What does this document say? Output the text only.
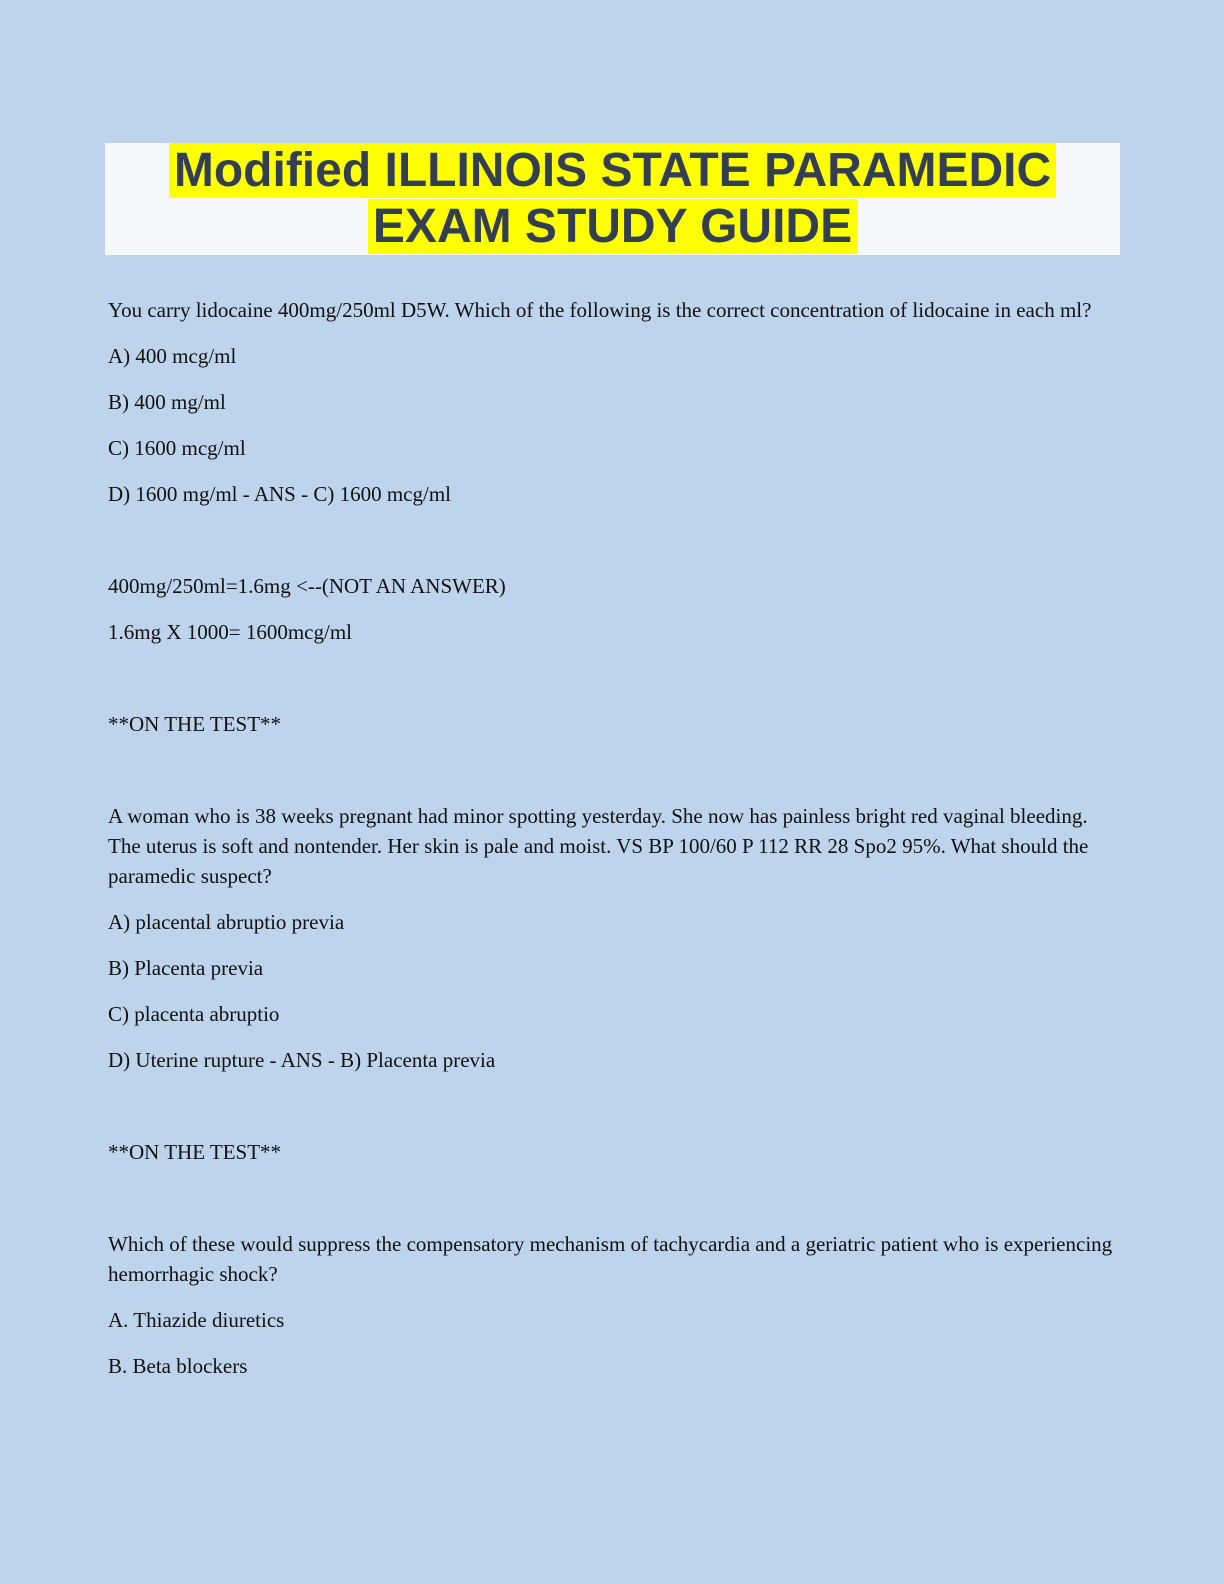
Modified ILLINOIS STATE PARAMEDIC
EXAM STUDY GUIDE

You carry lidocaine 400mg/250ml D5W. Which of the following is the correct concentration of lidocaine in each ml?

A) 400 mcg/ml

B) 400 mg/ml

C) 1600 mcg/ml

D) 1600 mg/ml - ANS - C) 1600 mcg/ml

400mg/250ml=1.6mg <--(NOT AN ANSWER)

1.6mg X 1000= 1600mcg/ml

**ON THE TEST**

A woman who is 38 weeks pregnant had minor spotting yesterday. She now has painless bright red vaginal bleeding. The uterus is soft and nontender. Her skin is pale and moist. VS BP 100/60 P 112 RR 28 Spo2 95%. What should the paramedic suspect?

A) placental abruptio previa

B) Placenta previa

C) placenta abruptio

D) Uterine rupture - ANS - B) Placenta previa

**ON THE TEST**

Which of these would suppress the compensatory mechanism of tachycardia and a geriatric patient who is experiencing hemorrhagic shock?

A. Thiazide diuretics

B. Beta blockers
